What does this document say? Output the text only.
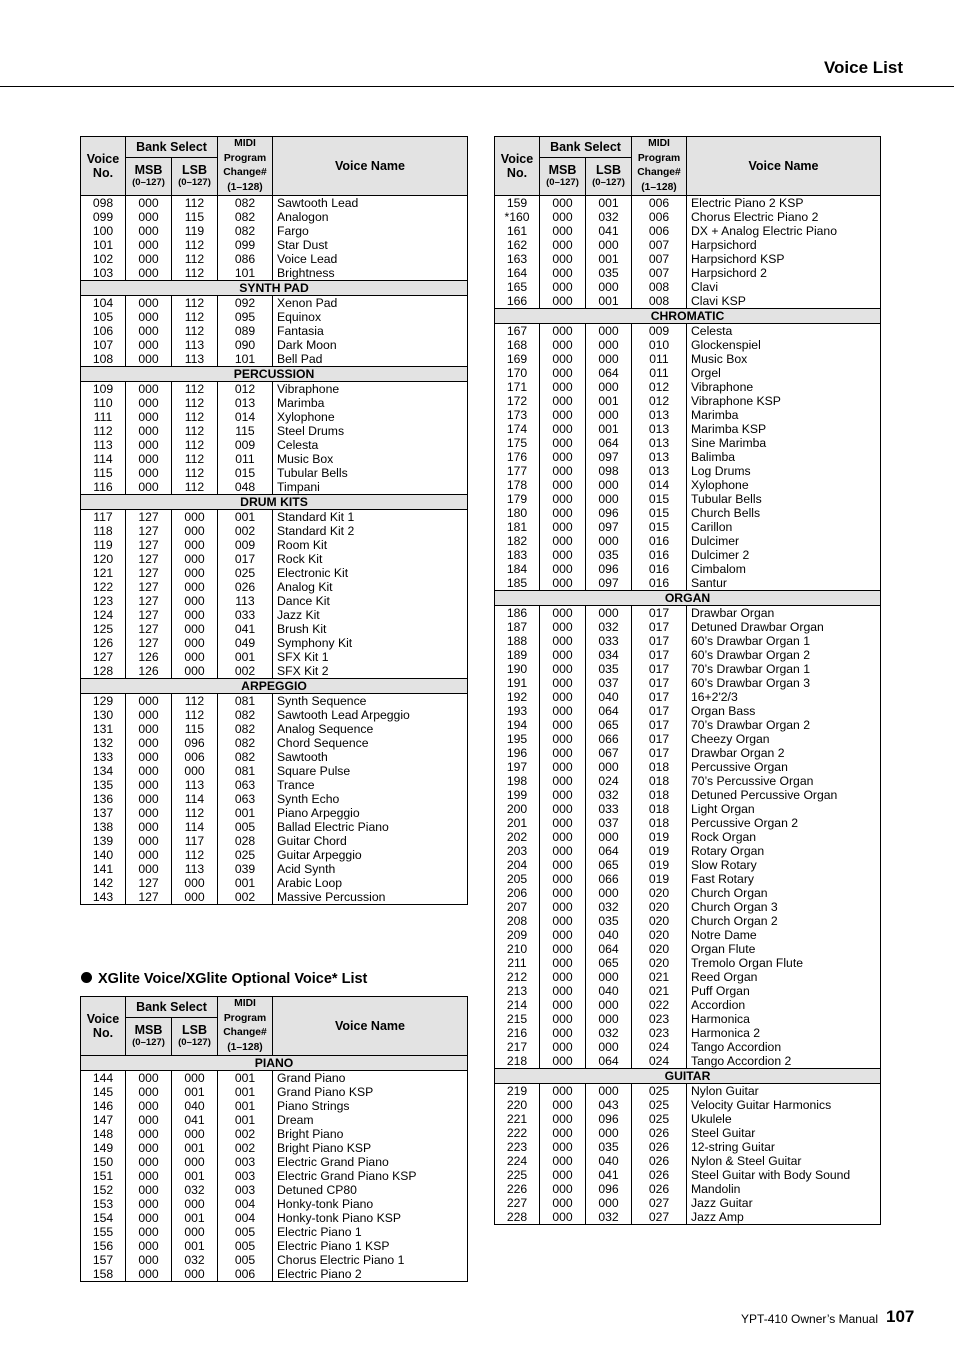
Voice List
Voice
No.	Bank Select		MIDI
Program
Change#
(1–128)	Voice Name
	MSB
(0–127)	LSB
(0–127)		

098	000	112	082	Sawtooth Lead
099	000	115	082	Analogon
100	000	119	082	Fargo
101	000	112	099	Star Dust
102	000	112	086	Voice Lead
103	000	112	101	Brightness
SYNTH PAD				
104	000	112	092	Xenon Pad
105	000	112	095	Equinox
106	000	112	089	Fantasia
107	000	113	090	Dark Moon
108	000	113	101	Bell Pad
PERCUSSION				
109	000	112	012	Vibraphone
110	000	112	013	Marimba
111	000	112	014	Xylophone
112	000	112	115	Steel Drums
113	000	112	009	Celesta
114	000	112	011	Music Box
115	000	112	015	Tubular Bells
116	000	112	048	Timpani
DRUM KITS				
117	127	000	001	Standard Kit 1
118	127	000	002	Standard Kit 2
119	127	000	009	Room Kit
120	127	000	017	Rock Kit
121	127	000	025	Electronic Kit
122	127	000	026	Analog Kit
123	127	000	113	Dance Kit
124	127	000	033	Jazz Kit
125	127	000	041	Brush Kit
126	127	000	049	Symphony Kit
127	126	000	001	SFX Kit 1
128	126	000	002	SFX Kit 2
ARPEGGIO				
129	000	112	081	Synth Sequence
130	000	112	082	Sawtooth Lead Arpeggio
131	000	115	082	Analog Sequence
132	000	096	082	Chord Sequence
133	000	006	082	Sawtooth
134	000	000	081	Square Pulse
135	000	113	063	Trance
136	000	114	063	Synth Echo
137	000	112	001	Piano Arpeggio
138	000	114	005	Ballad Electric Piano
139	000	117	028	Guitar Chord
140	000	112	025	Guitar Arpeggio
141	000	113	039	Acid Synth
142	127	000	001	Arabic Loop
143	127	000	002	Massive Percussion
XGlite Voice/XGlite Optional Voice* List
Voice
No.	Bank Select		MIDI
Program
Change#
(1–128)	Voice Name
	MSB
(0–127)	LSB
(0–127)		

PIANO				
144	000	000	001	Grand Piano
145	000	001	001	Grand Piano KSP
146	000	040	001	Piano Strings
147	000	041	001	Dream
148	000	000	002	Bright Piano
149	000	001	002	Bright Piano KSP
150	000	000	003	Electric Grand Piano
151	000	001	003	Electric Grand Piano KSP
152	000	032	003	Detuned CP80
153	000	000	004	Honky-tonk Piano
154	000	001	004	Honky-tonk Piano KSP
155	000	000	005	Electric Piano 1
156	000	001	005	Electric Piano 1 KSP
157	000	032	005	Chorus Electric Piano 1
158	000	000	006	Electric Piano 2
Voice
No.	Bank Select		MIDI
Program
Change#
(1–128)	Voice Name
	MSB
(0–127)	LSB
(0–127)		

159	000	001	006	Electric Piano 2 KSP
*160	000	032	006	Chorus Electric Piano 2
161	000	041	006	DX + Analog Electric Piano
162	000	000	007	Harpsichord
163	000	001	007	Harpsichord KSP
164	000	035	007	Harpsichord 2
165	000	000	008	Clavi
166	000	001	008	Clavi KSP
CHROMATIC				
167	000	000	009	Celesta
168	000	000	010	Glockenspiel
169	000	000	011	Music Box
170	000	064	011	Orgel
171	000	000	012	Vibraphone
172	000	001	012	Vibraphone KSP
173	000	000	013	Marimba
174	000	001	013	Marimba KSP
175	000	064	013	Sine Marimba
176	000	097	013	Balimba
177	000	098	013	Log Drums
178	000	000	014	Xylophone
179	000	000	015	Tubular Bells
180	000	096	015	Church Bells
181	000	097	015	Carillon
182	000	000	016	Dulcimer
183	000	035	016	Dulcimer 2
184	000	096	016	Cimbalom
185	000	097	016	Santur
ORGAN				
186	000	000	017	Drawbar Organ
187	000	032	017	Detuned Drawbar Organ
188	000	033	017	60’s Drawbar Organ 1
189	000	034	017	60’s Drawbar Organ 2
190	000	035	017	70’s Drawbar Organ 1
191	000	037	017	60’s Drawbar Organ 3
192	000	040	017	16+2'2/3
193	000	064	017	Organ Bass
194	000	065	017	70’s Drawbar Organ 2
195	000	066	017	Cheezy Organ
196	000	067	017	Drawbar Organ 2
197	000	000	018	Percussive Organ
198	000	024	018	70’s Percussive Organ
199	000	032	018	Detuned Percussive Organ
200	000	033	018	Light Organ
201	000	037	018	Percussive Organ 2
202	000	000	019	Rock Organ
203	000	064	019	Rotary Organ
204	000	065	019	Slow Rotary
205	000	066	019	Fast Rotary
206	000	000	020	Church Organ
207	000	032	020	Church Organ 3
208	000	035	020	Church Organ 2
209	000	040	020	Notre Dame
210	000	064	020	Organ Flute
211	000	065	020	Tremolo Organ Flute
212	000	000	021	Reed Organ
213	000	040	021	Puff Organ
214	000	000	022	Accordion
215	000	000	023	Harmonica
216	000	032	023	Harmonica 2
217	000	000	024	Tango Accordion
218	000	064	024	Tango Accordion 2
GUITAR				
219	000	000	025	Nylon Guitar
220	000	043	025	Velocity Guitar Harmonics
221	000	096	025	Ukulele
222	000	000	026	Steel Guitar
223	000	035	026	12-string Guitar
224	000	040	026	Nylon & Steel Guitar
225	000	041	026	Steel Guitar with Body Sound
226	000	096	026	Mandolin
227	000	000	027	Jazz Guitar
228	000	032	027	Jazz Amp
YPT-410 Owner’s Manual 107
